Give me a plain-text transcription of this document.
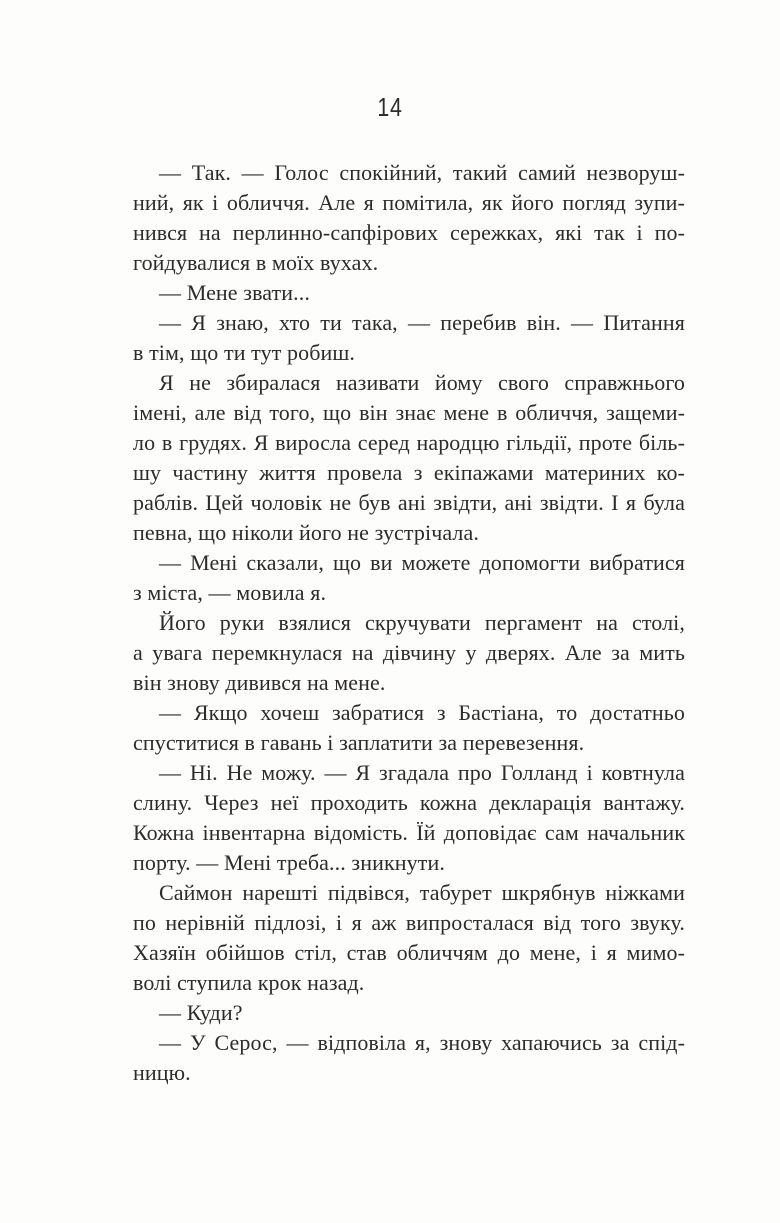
14
— Так. — Голос спокійний, такий самий незворуш-
ний, як і обличчя. Але я помітила, як його погляд зупи-
нився на перлинно-сапфірових сережках, які так і по-
гойдувалися в моїх вухах.
— Мене звати...
— Я знаю, хто ти така, — перебив він. — Питання
в тім, що ти тут робиш.
Я не збиралася називати йому свого справжнього
імені, але від того, що він знає мене в обличчя, защеми-
ло в грудях. Я виросла серед народцю гільдії, проте біль-
шу частину життя провела з екіпажами материних ко-
раблів. Цей чоловік не був ані звідти, ані звідти. І я була
певна, що ніколи його не зустрічала.
— Мені сказали, що ви можете допомогти вибратися
з міста, — мовила я.
Його руки взялися скручувати пергамент на столі,
а увага перемкнулася на дівчину у дверях. Але за мить
він знову дивився на мене.
— Якщо хочеш забратися з Бастіана, то достатньо
спуститися в гавань і заплатити за перевезення.
— Ні. Не можу. — Я згадала про Голланд і ковтнула
слину. Через неї проходить кожна декларація вантажу.
Кожна інвентарна відомість. Їй доповідає сам начальник
порту. — Мені треба... зникнути.
Саймон нарешті підвівся, табурет шкрябнув ніжками
по нерівній підлозі, і я аж випросталася від того звуку.
Хазяїн обійшов стіл, став обличчям до мене, і я мимо-
волі ступила крок назад.
— Куди?
— У Серос, — відповіла я, знову хапаючись за спід-
ницю.
